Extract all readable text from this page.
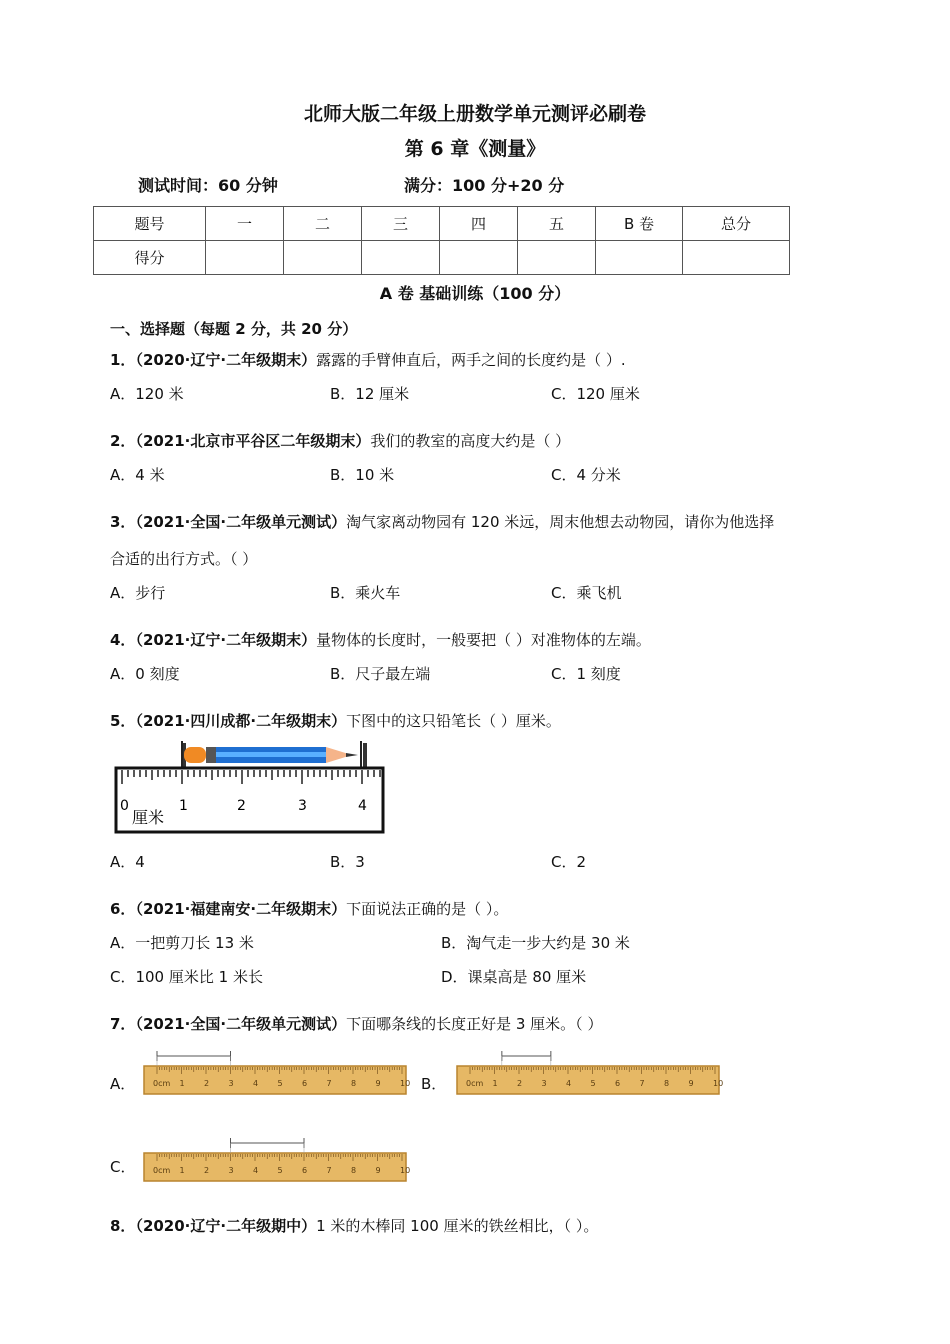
北师大版二年级上册数学单元测评必刷卷
第 6 章《测量》
测试时间：60 分钟	满分：100 分+20 分
题号	一	二	三	四	五	B 卷	总分
得分							
A 卷 基础训练（100 分）
一、选择题（每题 2 分，共 20 分）
1．（2020·辽宁·二年级期末）露露的手臂伸直后，两手之间的长度约是（ ）.
A．120 米	B．12 厘米	C．120 厘米
2．（2021·北京市平谷区二年级期末）我们的教室的高度大约是（ ）
A．4 米	B．10 米	C．4 分米
3．（2021·全国·二年级单元测试）淘气家离动物园有 120 米远，周末他想去动物园，请你为他选择
合适的出行方式。（ ）
A．步行	B．乘火车	C．乘飞机
4．（2021·辽宁·二年级期末）量物体的长度时，一般要把（ ）对准物体的左端。
A．0 刻度	B．尺子最左端	C．1 刻度
5．（2021·四川成都·二年级期末）下图中的这只铅笔长（ ）厘米。
0	1	2	3	4
厘米
A．4	B．3	C．2
6．（2021·福建南安·二年级期末）下面说法正确的是（ ）。
A．一把剪刀长 13 米	B．淘气走一步大约是 30 米
C．100 厘米比 1 米长	D．课桌高是 80 厘米
7．（2021·全国·二年级单元测试）下面哪条线的长度正好是 3 厘米。（ ）
A． 0cm 1 2 3 4 5 6 7 8 9 10 B． 0cm 1 2 3 4 5 6 7 8 9 10
C． 0cm 1 2 3 4 5 6 7 8 9 10
8．（2020·辽宁·二年级期中）1 米的木棒同 100 厘米的铁丝相比，（ ）。
